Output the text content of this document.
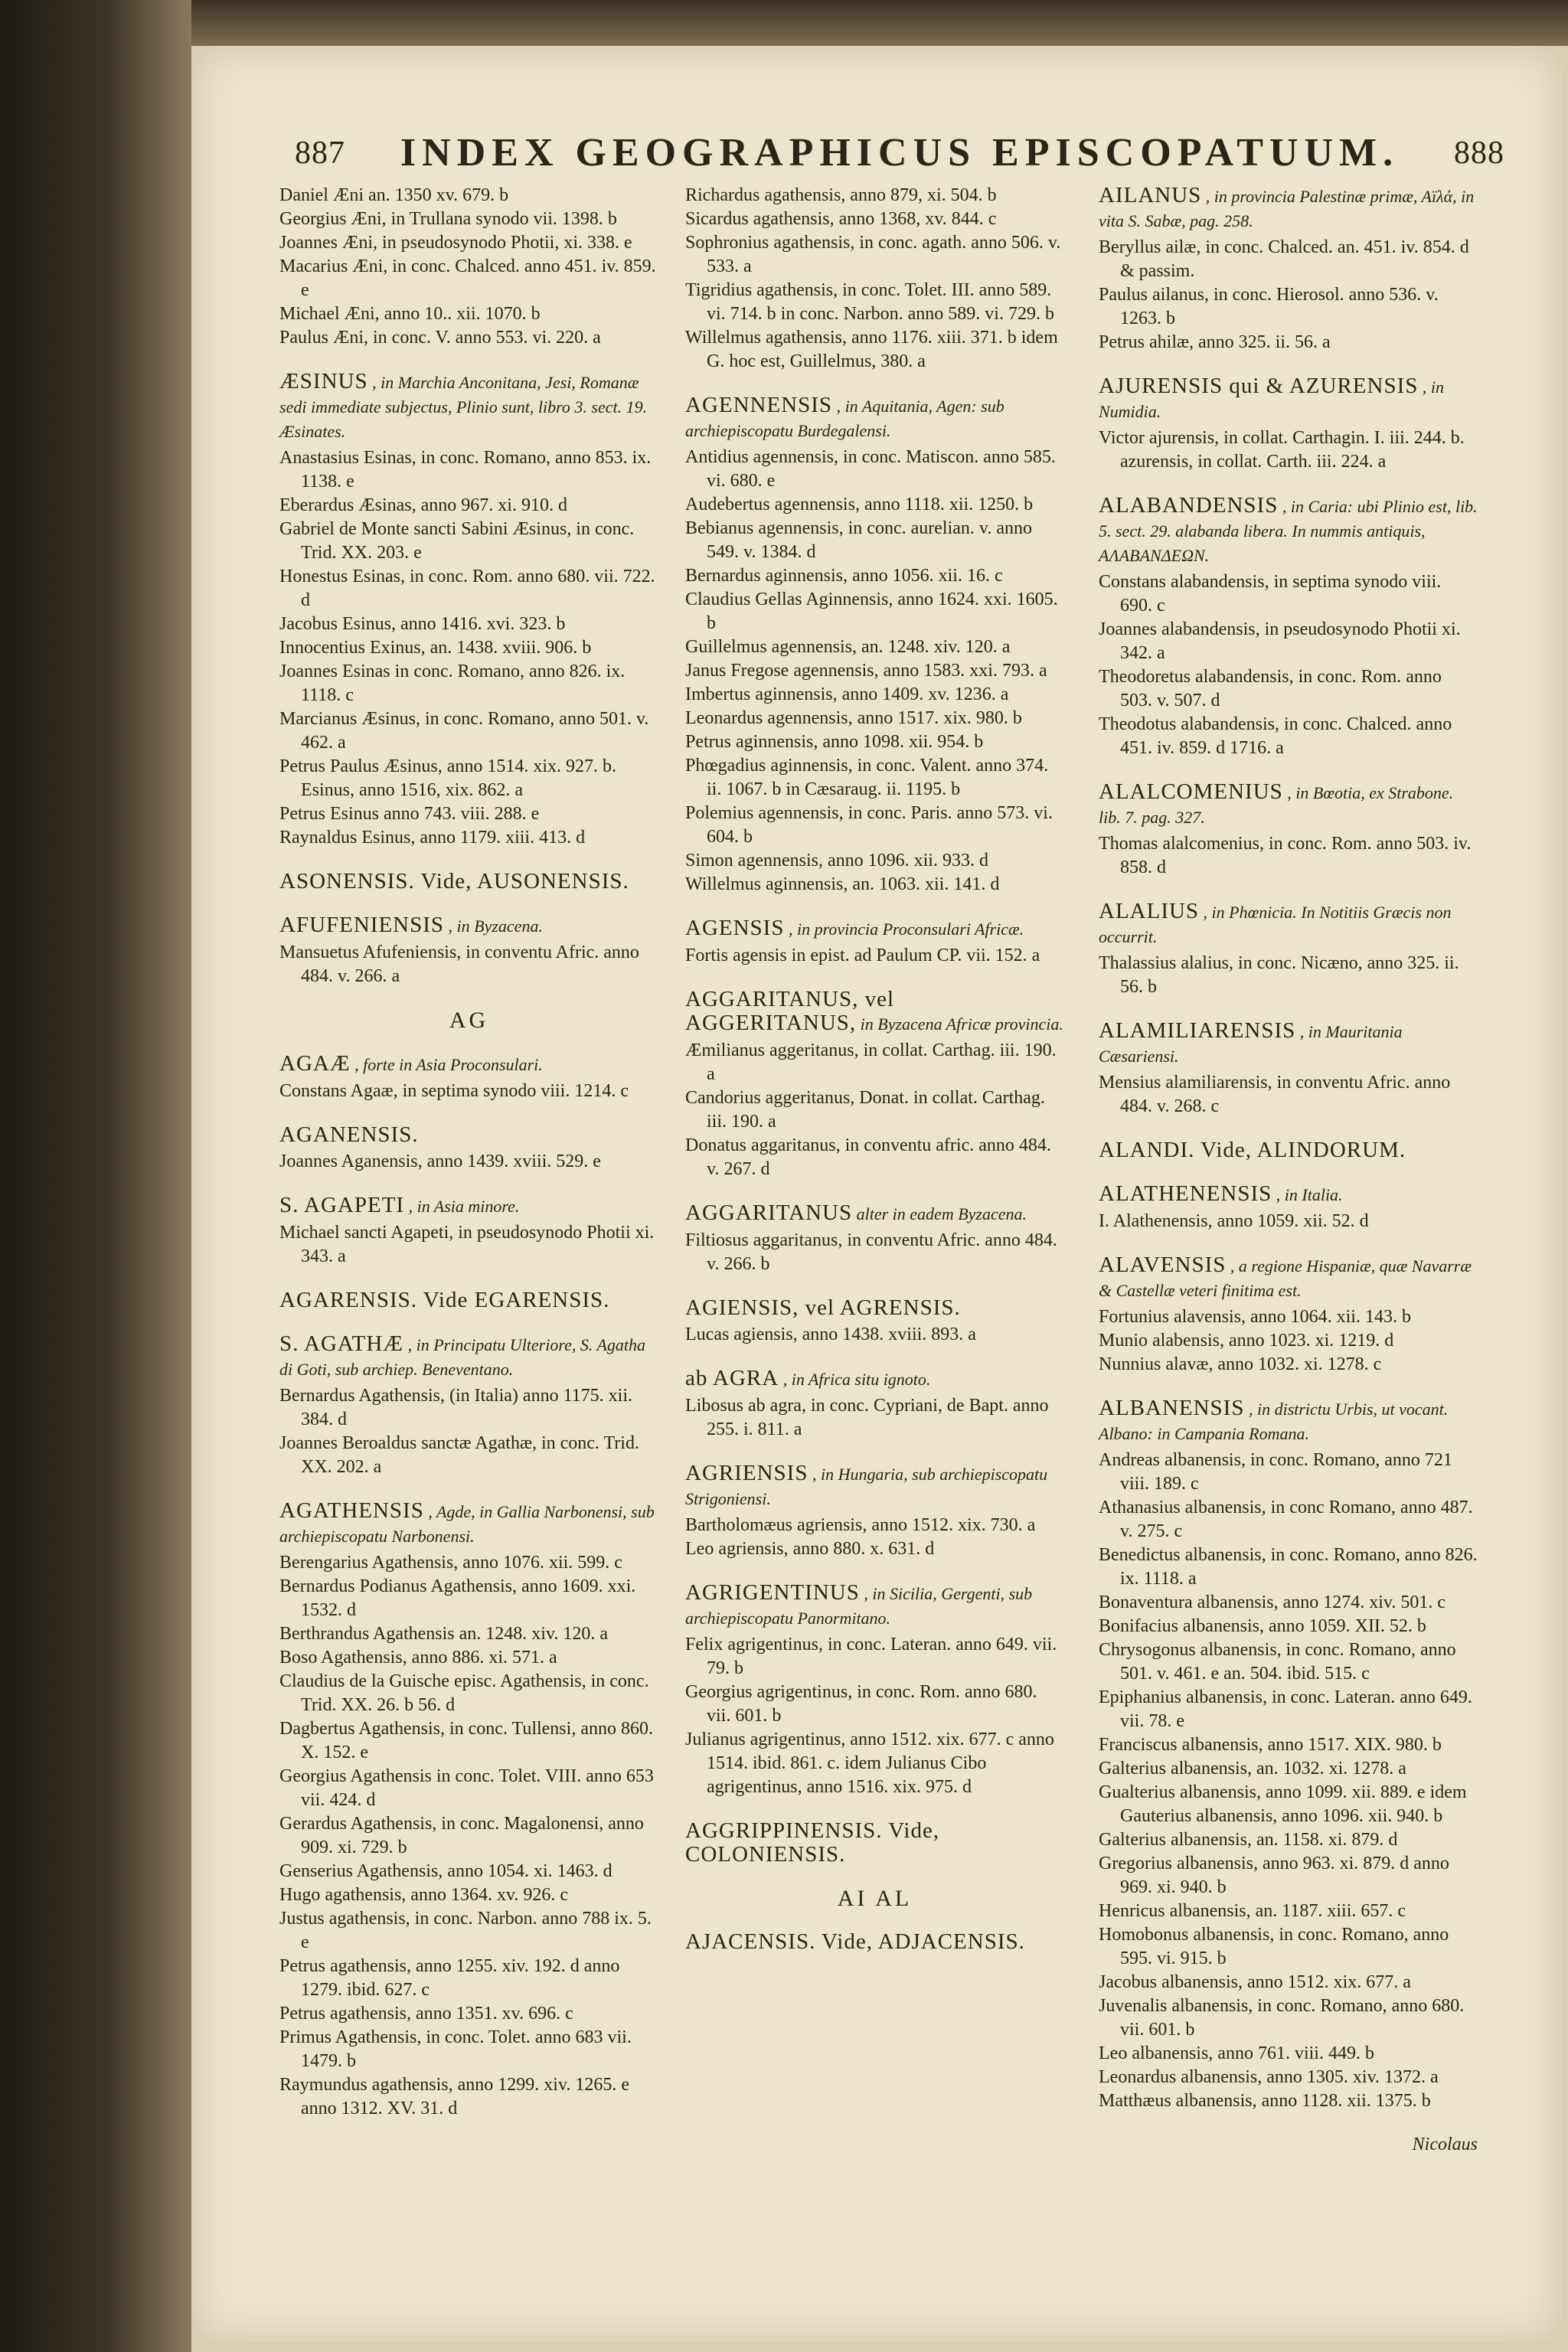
887	INDEX GEOGRAPHICUS EPISCOPATUUM.	888
Daniel Æni an. 1350 xv. 679. b
Georgius Æni, in Trullana synodo vii. 1398. b
Joannes Æni, in pseudosynodo Photii, xi. 338. e
Macarius Æni, in conc. Chalced. anno 451. iv. 859. e
Michael Æni, anno 10.. xii. 1070. b
Paulus Æni, in conc. V. anno 553. vi. 220. a
ÆSINUS , in Marchia Anconitana, Jesi, Romanæ sedi immediate subjectus, Plinio sunt, libro 3. sect. 19. Æsinates.
Anastasius Esinas, in conc. Romano, anno 853. ix. 1138. e
Eberardus Æsinas, anno 967. xi. 910. d
Gabriel de Monte sancti Sabini Æsinus, in conc. Trid. XX. 203. e
Honestus Esinas, in conc. Rom. anno 680. vii. 722. d
Jacobus Esinus, anno 1416. xvi. 323. b
Innocentius Exinus, an. 1438. xviii. 906. b
Joannes Esinas in conc. Romano, anno 826. ix. 1118. c
Marcianus Æsinus, in conc. Romano, anno 501. v. 462. a
Petrus Paulus Æsinus, anno 1514. xix. 927. b. Esinus, anno 1516, xix. 862. a
Petrus Esinus anno 743. viii. 288. e
Raynaldus Esinus, anno 1179. xiii. 413. d
ASONENSIS. Vide, AUSONENSIS.
AFUFENIENSIS , in Byzacena.
Mansuetus Afufeniensis, in conventu Afric. anno 484. v. 266. a
AG
AGAÆ , forte in Asia Proconsulari.
Constans Agaæ, in septima synodo viii. 1214. c
AGANENSIS.
Joannes Aganensis, anno 1439. xviii. 529. e
S. AGAPETI , in Asia minore.
Michael sancti Agapeti, in pseudosynodo Photii xi. 343. a
AGARENSIS. Vide EGARENSIS.
S. AGATHÆ , in Principatu Ulteriore, S. Agatha di Goti, sub archiep. Beneventano.
Bernardus Agathensis, (in Italia) anno 1175. xii. 384. d
Joannes Beroaldus sanctæ Agathæ, in conc. Trid. XX. 202. a
AGATHENSIS , Agde, in Gallia Narbonensi, sub archiepiscopatu Narbonensi.
Berengarius Agathensis, anno 1076. xii. 599. c
Bernardus Podianus Agathensis, anno 1609. xxi. 1532. d
Berthrandus Agathensis an. 1248. xiv. 120. a
Boso Agathensis, anno 886. xi. 571. a
Claudius de la Guische episc. Agathensis, in conc. Trid. XX. 26. b 56. d
Dagbertus Agathensis, in conc. Tullensi, anno 860. X. 152. e
Georgius Agathensis in conc. Tolet. VIII. anno 653 vii. 424. d
Gerardus Agathensis, in conc. Magalonensi, anno 909. xi. 729. b
Genserius Agathensis, anno 1054. xi. 1463. d
Hugo agathensis, anno 1364. xv. 926. c
Justus agathensis, in conc. Narbon. anno 788 ix. 5. e
Petrus agathensis, anno 1255. xiv. 192. d anno 1279. ibid. 627. c
Petrus agathensis, anno 1351. xv. 696. c
Primus Agathensis, in conc. Tolet. anno 683 vii. 1479. b
Raymundus agathensis, anno 1299. xiv. 1265. e anno 1312. XV. 31. d
Richardus agathensis, anno 879, xi. 504. b
Sicardus agathensis, anno 1368, xv. 844. c
Sophronius agathensis, in conc. agath. anno 506. v. 533. a
Tigridius agathensis, in conc. Tolet. III. anno 589. vi. 714. b in conc. Narbon. anno 589. vi. 729. b
Willelmus agathensis, anno 1176. xiii. 371. b idem G. hoc est, Guillelmus, 380. a
AGENNENSIS , in Aquitania, Agen: sub archiepiscopatu Burdegalensi.
Antidius agennensis, in conc. Matiscon. anno 585. vi. 680. e
Audebertus agennensis, anno 1118. xii. 1250. b
Bebianus agennensis, in conc. aurelian. v. anno 549. v. 1384. d
Bernardus aginnensis, anno 1056. xii. 16. c
Claudius Gellas Aginnensis, anno 1624. xxi. 1605. b
Guillelmus agennensis, an. 1248. xiv. 120. a
Janus Fregose agennensis, anno 1583. xxi. 793. a
Imbertus aginnensis, anno 1409. xv. 1236. a
Leonardus agennensis, anno 1517. xix. 980. b
Petrus aginnensis, anno 1098. xii. 954. b
Phœgadius aginnensis, in conc. Valent. anno 374. ii. 1067. b in Cæsaraug. ii. 1195. b
Polemius agennensis, in conc. Paris. anno 573. vi. 604. b
Simon agennensis, anno 1096. xii. 933. d
Willelmus aginnensis, an. 1063. xii. 141. d
AGENSIS , in provincia Proconsulari Africæ.
Fortis agensis in epist. ad Paulum CP. vii. 152. a
AGGARITANUS, vel AGGERITANUS, in Byzacena Africæ provincia.
Æmilianus aggeritanus, in collat. Carthag. iii. 190. a
Candorius aggeritanus, Donat. in collat. Carthag. iii. 190. a
Donatus aggaritanus, in conventu afric. anno 484. v. 267. d
AGGARITANUS alter in eadem Byzacena.
Filtiosus aggaritanus, in conventu Afric. anno 484. v. 266. b
AGIENSIS, vel AGRENSIS.
Lucas agiensis, anno 1438. xviii. 893. a
ab AGRA , in Africa situ ignoto.
Libosus ab agra, in conc. Cypriani, de Bapt. anno 255. i. 811. a
AGRIENSIS , in Hungaria, sub archiepiscopatu Strigoniensi.
Bartholomæus agriensis, anno 1512. xix. 730. a
Leo agriensis, anno 880. x. 631. d
AGRIGENTINUS , in Sicilia, Gergenti, sub archiepiscopatu Panormitano.
Felix agrigentinus, in conc. Lateran. anno 649. vii. 79. b
Georgius agrigentinus, in conc. Rom. anno 680. vii. 601. b
Julianus agrigentinus, anno 1512. xix. 677. c anno 1514. ibid. 861. c. idem Julianus Cibo agrigentinus, anno 1516. xix. 975. d
AGGRIPPINENSIS. Vide, COLONIENSIS.
AI AL
AJACENSIS. Vide, ADJACENSIS.
AILANUS , in provincia Palestinæ primæ, Aïλά, in vita S. Sabæ, pag. 258.
Beryllus ailæ, in conc. Chalced. an. 451. iv. 854. d & passim.
Paulus ailanus, in conc. Hierosol. anno 536. v. 1263. b
Petrus ahilæ, anno 325. ii. 56. a
AJURENSIS qui & AZURENSIS , in Numidia.
Victor ajurensis, in collat. Carthagin. I. iii. 244. b. azurensis, in collat. Carth. iii. 224. a
ALABANDENSIS , in Caria: ubi Plinio est, lib. 5. sect. 29. alabanda libera. In nummis antiquis, ΑΛΑΒΑΝΔΕΩΝ.
Constans alabandensis, in septima synodo viii. 690. c
Joannes alabandensis, in pseudosynodo Photii xi. 342. a
Theodoretus alabandensis, in conc. Rom. anno 503. v. 507. d
Theodotus alabandensis, in conc. Chalced. anno 451. iv. 859. d 1716. a
ALALCOMENIUS , in Bœotia, ex Strabone. lib. 7. pag. 327.
Thomas alalcomenius, in conc. Rom. anno 503. iv. 858. d
ALALIUS , in Phœnicia. In Notitiis Græcis non occurrit.
Thalassius alalius, in conc. Nicæno, anno 325. ii. 56. b
ALAMILIARENSIS , in Mauritania Cæsariensi.
Mensius alamiliarensis, in conventu Afric. anno 484. v. 268. c
ALANDI. Vide, ALINDORUM.
ALATHENENSIS , in Italia.
I. Alathenensis, anno 1059. xii. 52. d
ALAVENSIS , a regione Hispaniæ, quæ Navarræ & Castellæ veteri finitima est.
Fortunius alavensis, anno 1064. xii. 143. b
Munio alabensis, anno 1023. xi. 1219. d
Nunnius alavæ, anno 1032. xi. 1278. c
ALBANENSIS , in districtu Urbis, ut vocant. Albano: in Campania Romana.
Andreas albanensis, in conc. Romano, anno 721 viii. 189. c
Athanasius albanensis, in conc Romano, anno 487. v. 275. c
Benedictus albanensis, in conc. Romano, anno 826. ix. 1118. a
Bonaventura albanensis, anno 1274. xiv. 501. c
Bonifacius albanensis, anno 1059. XII. 52. b
Chrysogonus albanensis, in conc. Romano, anno 501. v. 461. e an. 504. ibid. 515. c
Epiphanius albanensis, in conc. Lateran. anno 649. vii. 78. e
Franciscus albanensis, anno 1517. XIX. 980. b
Galterius albanensis, an. 1032. xi. 1278. a
Gualterius albanensis, anno 1099. xii. 889. e idem Gauterius albanensis, anno 1096. xii. 940. b
Galterius albanensis, an. 1158. xi. 879. d
Gregorius albanensis, anno 963. xi. 879. d anno 969. xi. 940. b
Henricus albanensis, an. 1187. xiii. 657. c
Homobonus albanensis, in conc. Romano, anno 595. vi. 915. b
Jacobus albanensis, anno 1512. xix. 677. a
Juvenalis albanensis, in conc. Romano, anno 680. vii. 601. b
Leo albanensis, anno 761. viii. 449. b
Leonardus albanensis, anno 1305. xiv. 1372. a
Matthæus albanensis, anno 1128. xii. 1375. b
Nicolaus
